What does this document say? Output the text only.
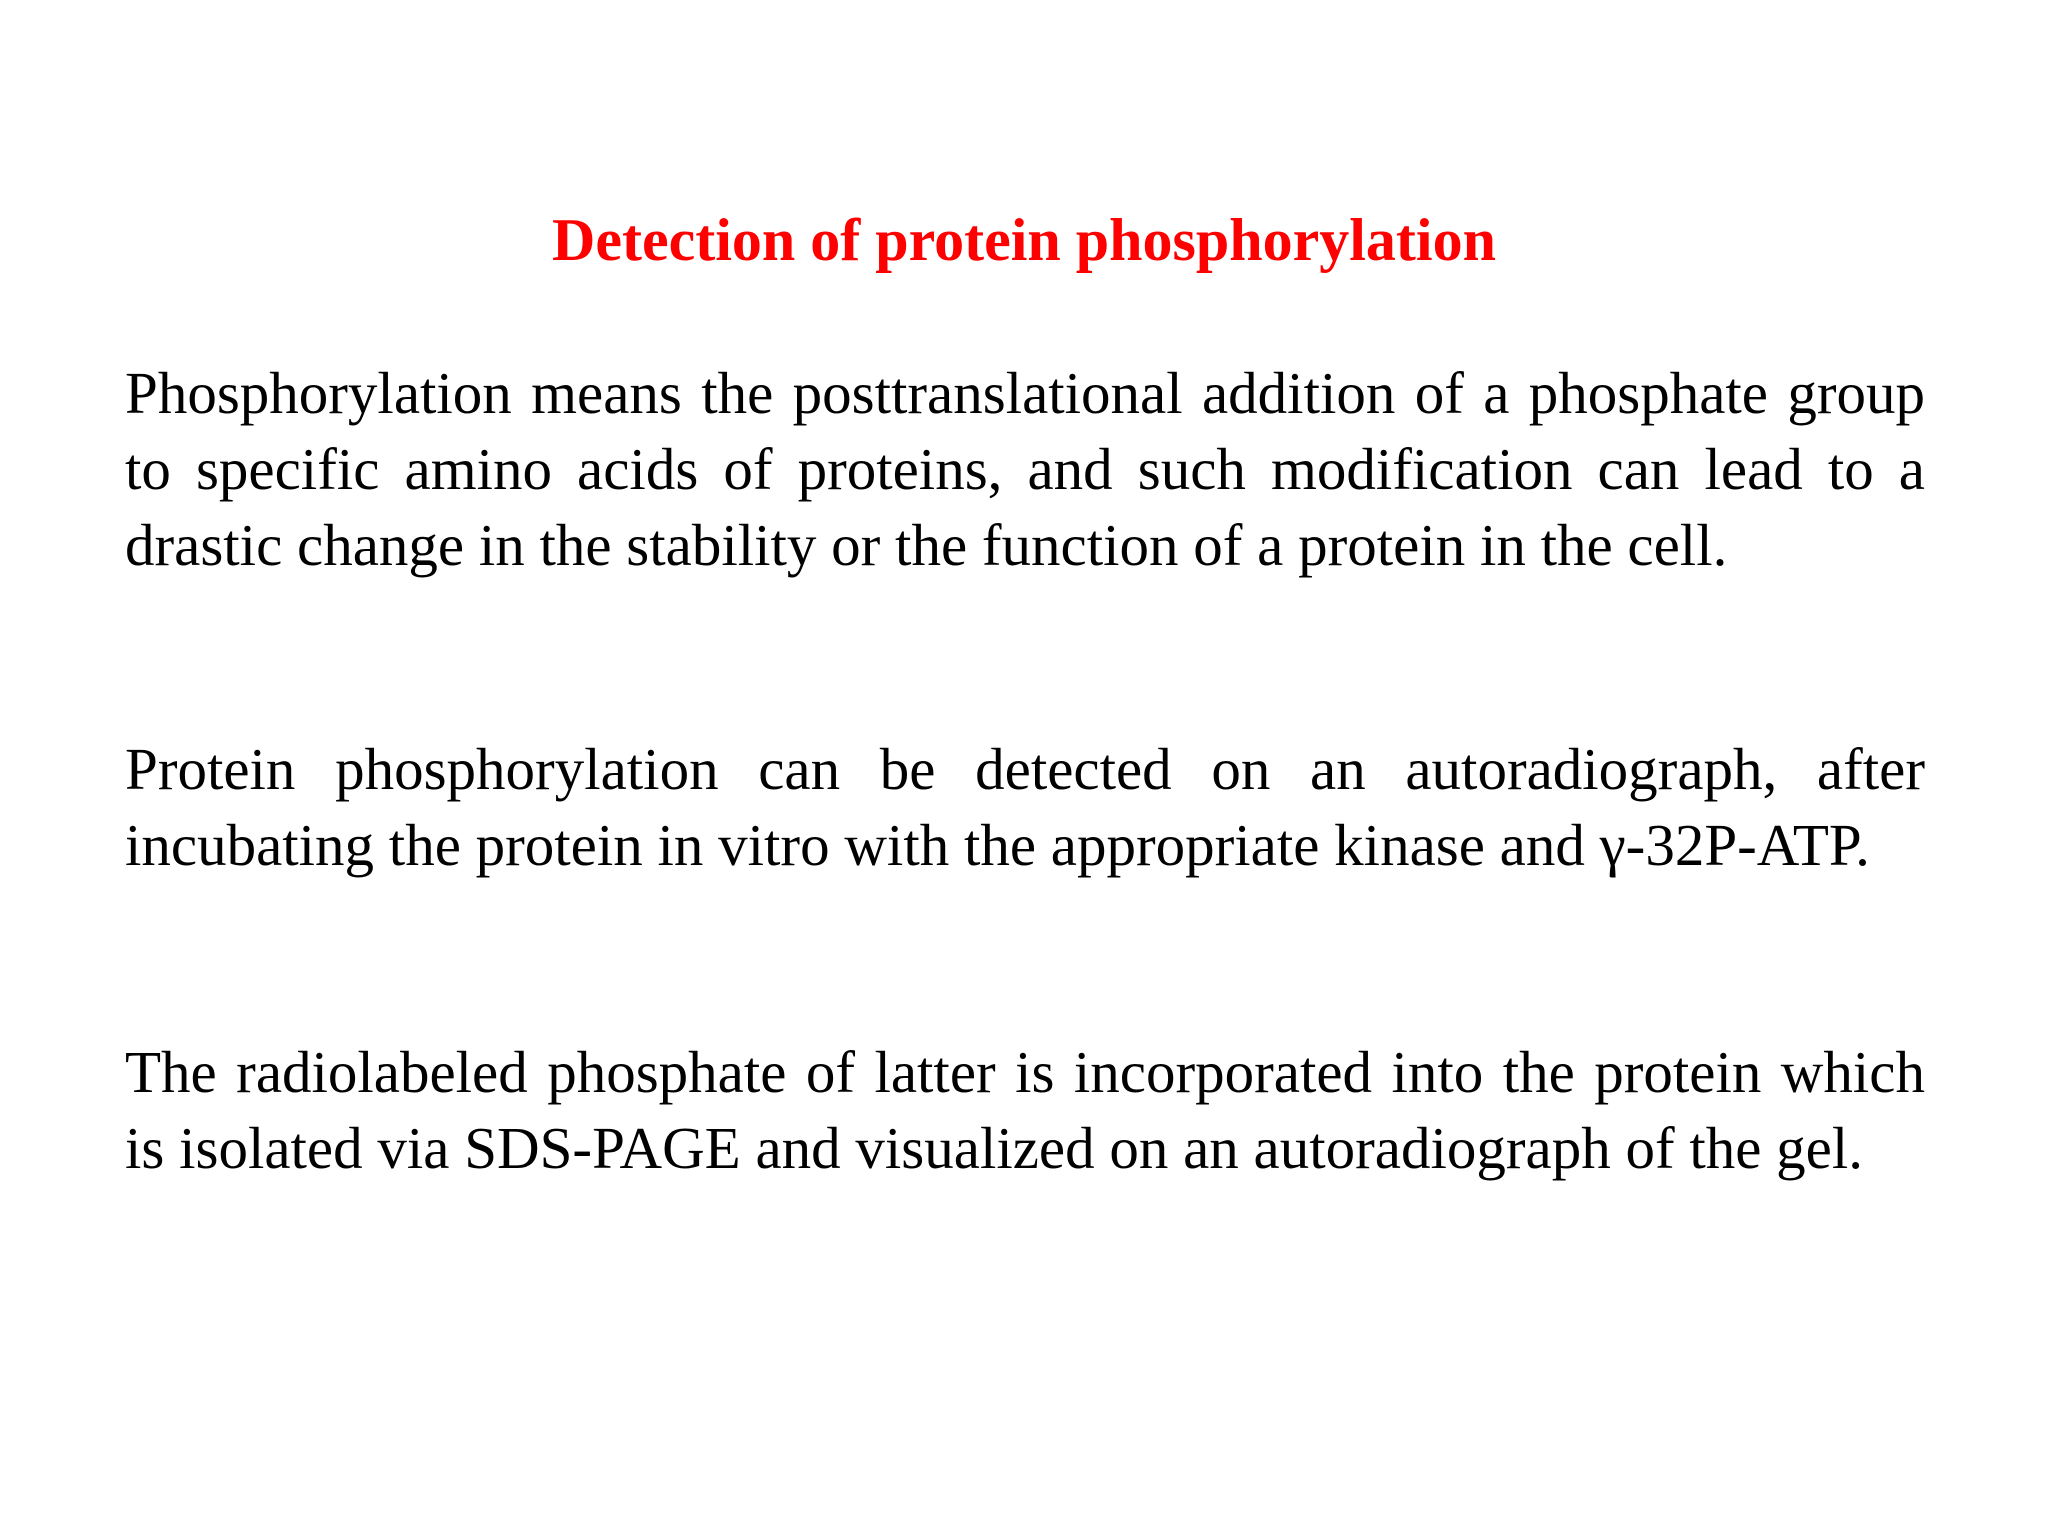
Detection of protein phosphorylation

Phosphorylation means the posttranslational addition of a phosphate group to specific amino acids of proteins, and such modification can lead to a drastic change in the stability or the function of a protein in the cell.

Protein phosphorylation can be detected on an autoradiograph, after incubating the protein in vitro with the appropriate kinase and γ-32P-ATP.

The radiolabeled phosphate of latter is incorporated into the protein which is isolated via SDS-PAGE and visualized on an autoradiograph of the gel.
